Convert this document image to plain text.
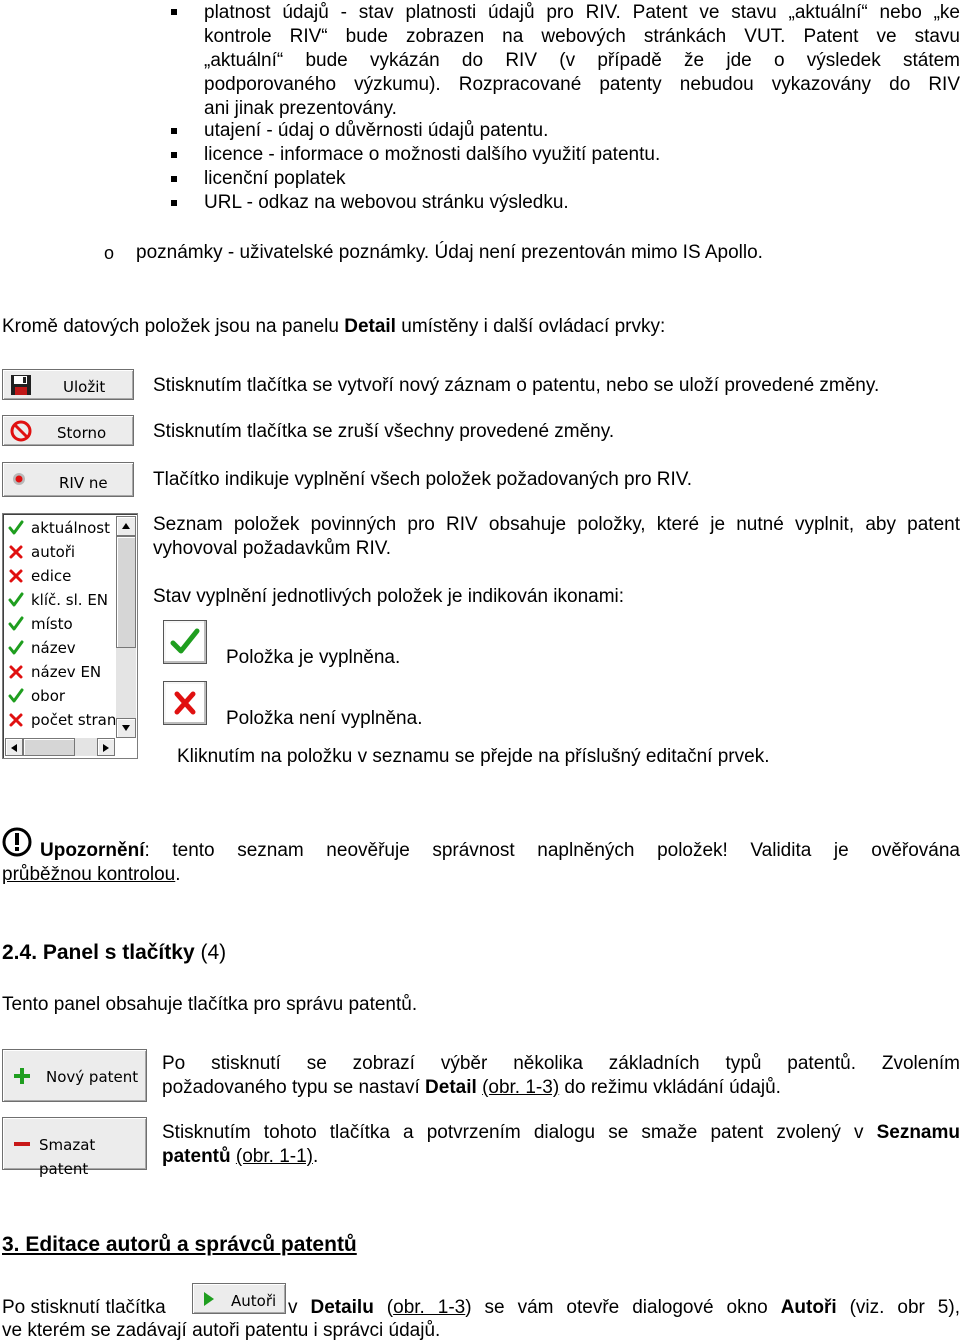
platnost údajů - stav platnosti údajů pro RIV. Patent ve stavu „aktuální“ nebo „ke
kontrole RIV“ bude zobrazen na webových stránkách VUT. Patent ve stavu
„aktuální“ bude vykázán do RIV (v případě že jde o výsledek státem
podporovaného výzkumu). Rozpracované patenty nebudou vykazovány do RIV
ani jinak prezentovány.
utajení - údaj o důvěrnosti údajů patentu.
licence - informace o možnosti dalšího využití patentu.
licenční poplatek
URL - odkaz na webovou stránku výsledku.
o poznámky - uživatelské poznámky. Údaj není prezentován mimo IS Apollo.
Kromě datových položek jsou na panelu Detail umístěny i další ovládací prvky:
Uložit	Stisknutím tlačítka se vytvoří nový záznam o patentu, nebo se uloží provedené změny.
Storno Stisknutím tlačítka se zruší všechny provedené změny.
RIV ne Tlačítko indikuje vyplnění všech položek požadovaných pro RIV.
aktuálnost
autoři
edice
klíč. sl. EN
místo
název
název EN
obor
počet stran
Seznam položek povinných pro RIV obsahuje položky, které je nutné vyplnit, aby patent
vyhovoval požadavkům RIV.
Stav vyplnění jednotlivých položek je indikován ikonami:
Položka je vyplněna.
Položka není vyplněna.
Kliknutím na položku v seznamu se přejde na příslušný editační prvek.
Upozornění: tento seznam neověřuje správnost naplněných položek! Validita je ověřována
průběžnou kontrolou.
2.4. Panel s tlačítky (4)
Tento panel obsahuje tlačítka pro správu patentů.
Nový patent
Po stisknutí se zobrazí výběr několika základních typů patentů. Zvolením
požadovaného typu se nastaví Detail (obr. 1-3) do režimu vkládání údajů.
Smazat patent
Stisknutím tohoto tlačítka a potvrzením dialogu se smaže patent zvolený v Seznamu
patentů (obr. 1-1).
3. Editace autorů a správců patentů
Po stisknutí tlačítka	Autoři v Detailu (obr. 1-3) se vám otevře dialogové okno Autoři (viz. obr 5),
ve kterém se zadávají autoři patentu i správci údajů.
